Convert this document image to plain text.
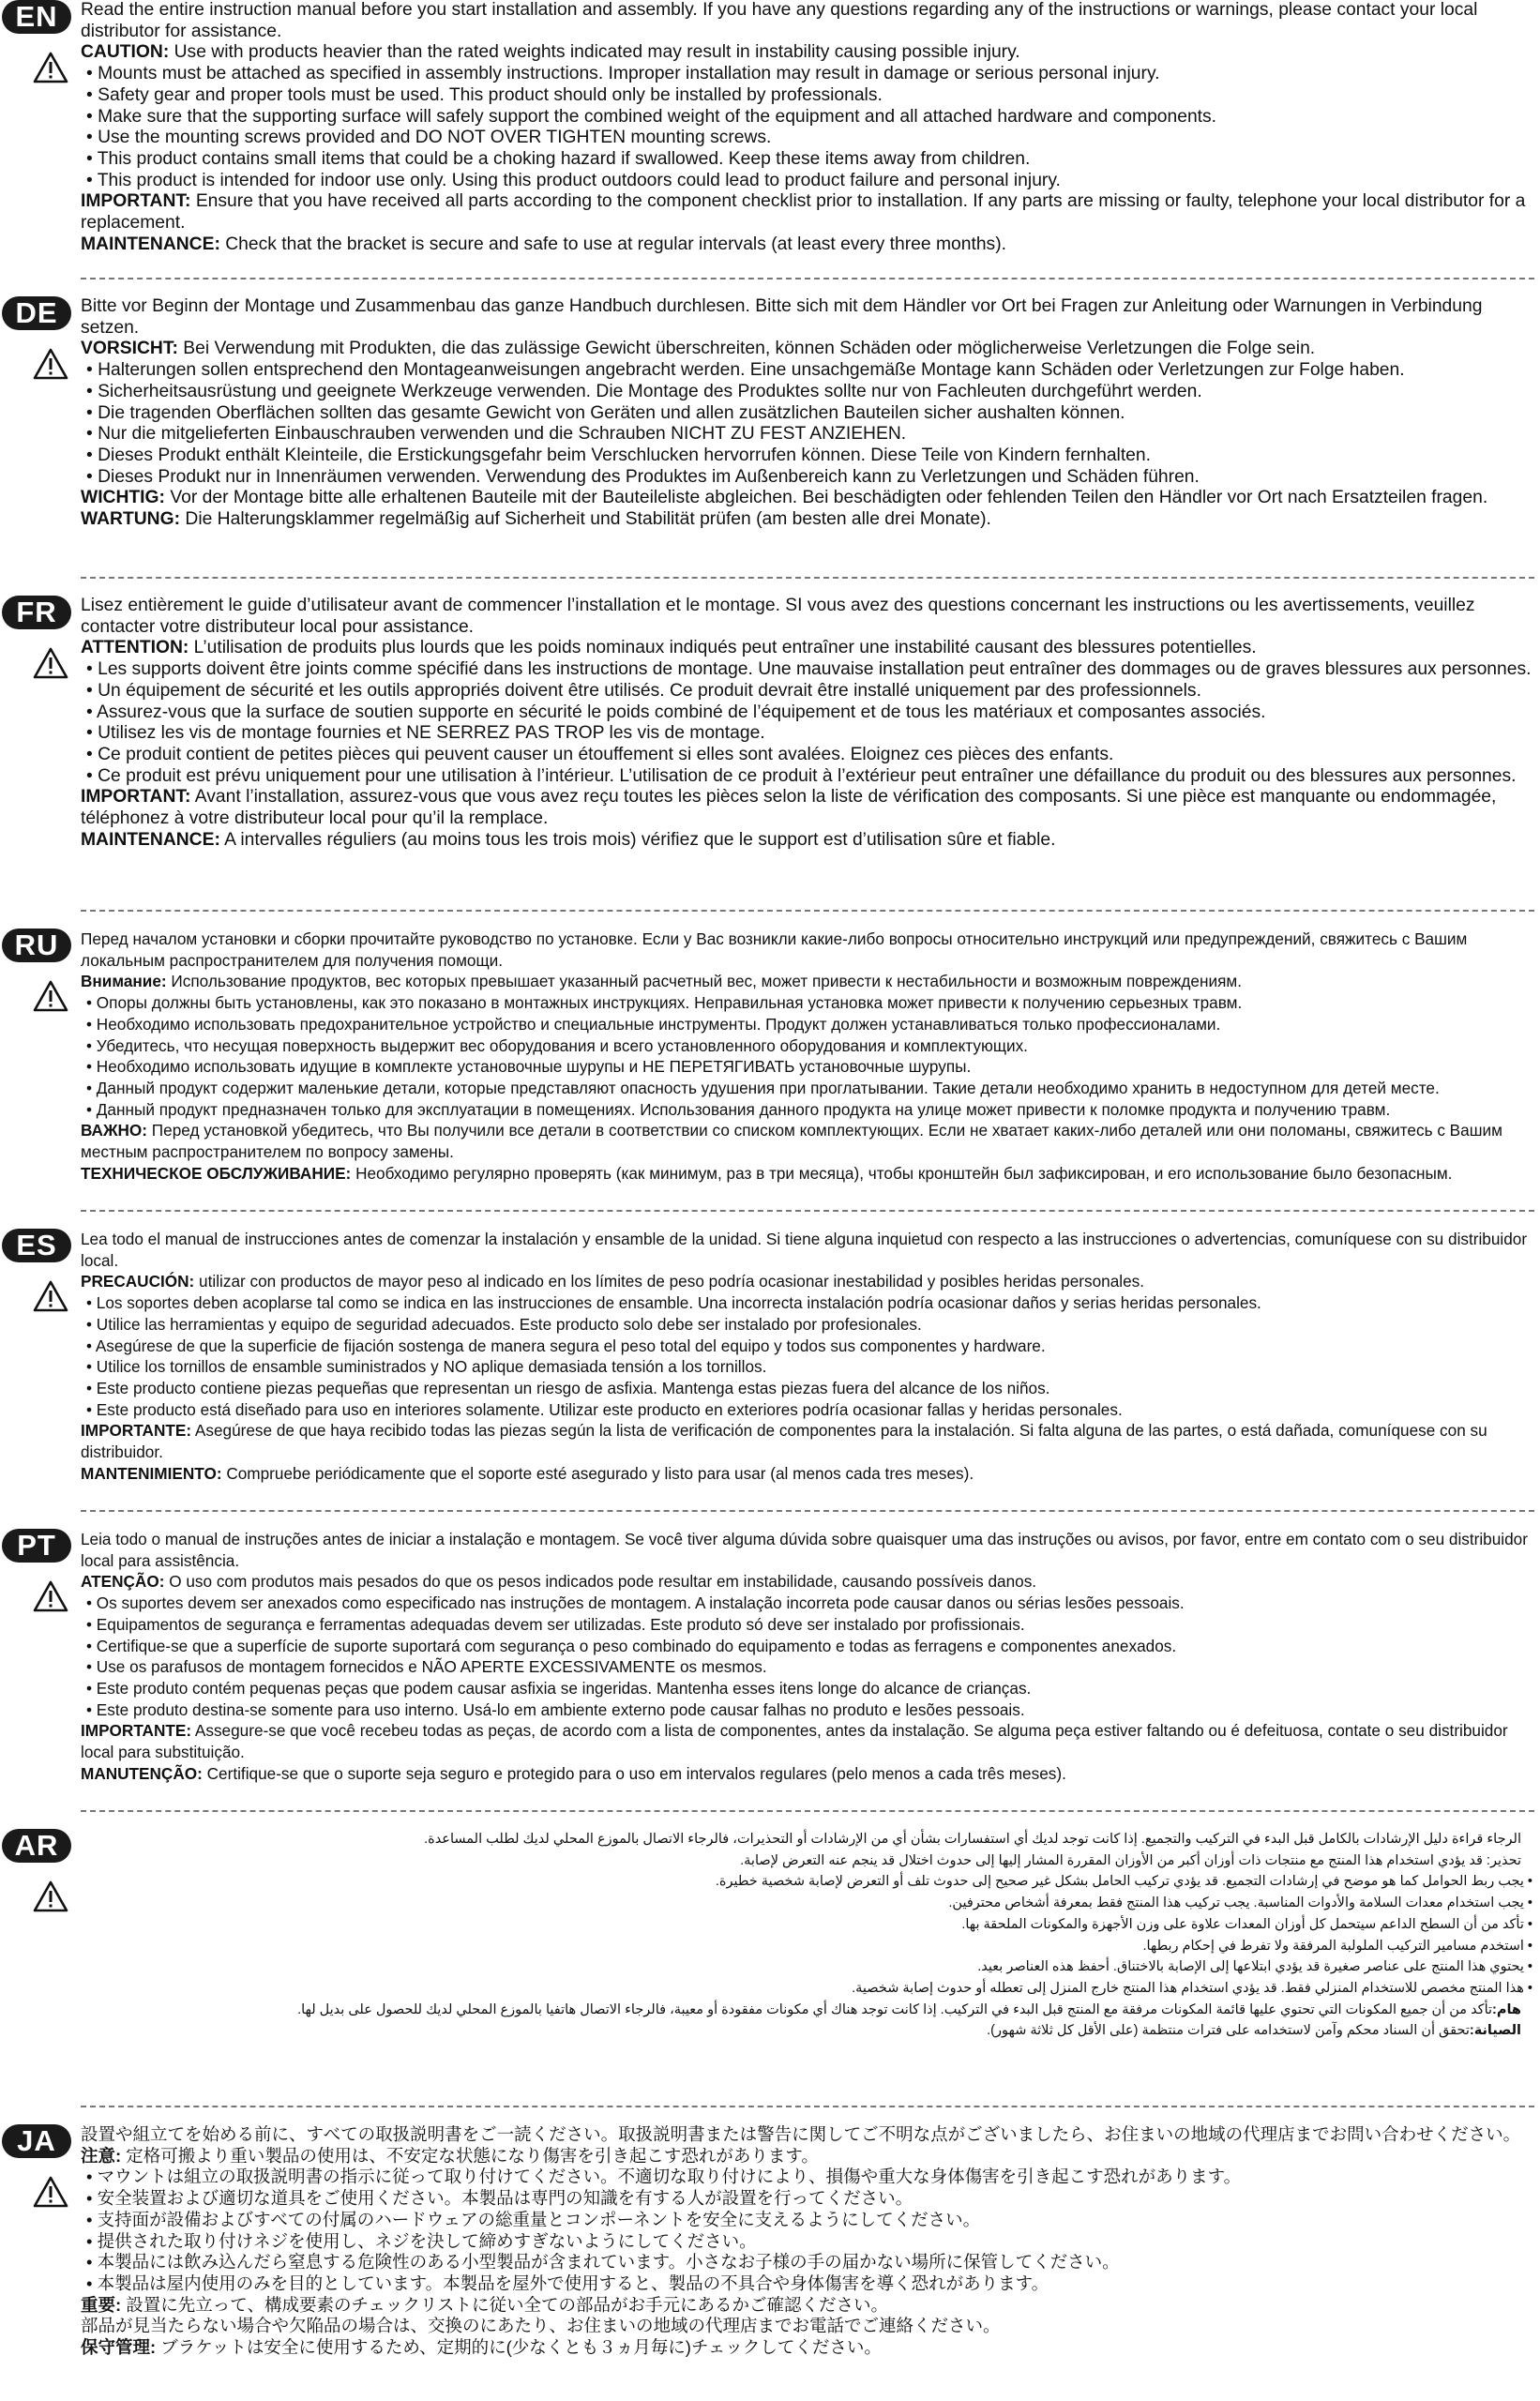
EN	Read the entire instruction manual before you start installation and assembly. If you have any questions regarding any of the instructions or warnings, please contact your local distributor for assistance.

CAUTION: Use with products heavier than the rated weights indicated may result in instability causing possible injury.

• Mounts must be attached as specified in assembly instructions. Improper installation may result in damage or serious personal injury.

• Safety gear and proper tools must be used. This product should only be installed by professionals.

• Make sure that the supporting surface will safely support the combined weight of the equipment and all attached hardware and components.

• Use the mounting screws provided and DO NOT OVER TIGHTEN mounting screws.

• This product contains small items that could be a choking hazard if swallowed. Keep these items away from children.

• This product is intended for indoor use only. Using this product outdoors could lead to product failure and personal injury.

IMPORTANT: Ensure that you have received all parts according to the component checklist prior to installation. If any parts are missing or faulty, telephone your local distributor for a replacement.

MAINTENANCE: Check that the bracket is secure and safe to use at regular intervals (at least every three months).

DE	Bitte vor Beginn der Montage und Zusammenbau das ganze Handbuch durchlesen. Bitte sich mit dem Händler vor Ort bei Fragen zur Anleitung oder Warnungen in Verbindung setzen.

VORSICHT: Bei Verwendung mit Produkten, die das zulässige Gewicht überschreiten, können Schäden oder möglicherweise Verletzungen die Folge sein.

• Halterungen sollen entsprechend den Montageanweisungen angebracht werden. Eine unsachgemäße Montage kann Schäden oder Verletzungen zur Folge haben.

• Sicherheitsausrüstung und geeignete Werkzeuge verwenden. Die Montage des Produktes sollte nur von Fachleuten durchgeführt werden.

• Die tragenden Oberflächen sollten das gesamte Gewicht von Geräten und allen zusätzlichen Bauteilen sicher aushalten können.

• Nur die mitgelieferten Einbauschrauben verwenden und die Schrauben NICHT ZU FEST ANZIEHEN.

• Dieses Produkt enthält Kleinteile, die Erstickungsgefahr beim Verschlucken hervorrufen können. Diese Teile von Kindern fernhalten.

• Dieses Produkt nur in Innenräumen verwenden. Verwendung des Produktes im Außenbereich kann zu Verletzungen und Schäden führen.

WICHTIG: Vor der Montage bitte alle erhaltenen Bauteile mit der Bauteileliste abgleichen. Bei beschädigten oder fehlenden Teilen den Händler vor Ort nach Ersatzteilen fragen.

WARTUNG: Die Halterungsklammer regelmäßig auf Sicherheit und Stabilität prüfen (am besten alle drei Monate).

FR	Lisez entièrement le guide d’utilisateur avant de commencer l’installation et le montage. SI vous avez des questions concernant les instructions ou les avertissements, veuillez contacter votre distributeur local pour assistance.

ATTENTION: L’utilisation de produits plus lourds que les poids nominaux indiqués peut entraîner une instabilité causant des blessures potentielles.

• Les supports doivent être joints comme spécifié dans les instructions de montage. Une mauvaise installation peut entraîner des dommages ou de graves blessures aux personnes.

• Un équipement de sécurité et les outils appropriés doivent être utilisés. Ce produit devrait être installé uniquement par des professionnels.

• Assurez-vous que la surface de soutien supporte en sécurité le poids combiné de l’équipement et de tous les matériaux et composantes associés.

• Utilisez les vis de montage fournies et NE SERREZ PAS TROP les vis de montage.

• Ce produit contient de petites pièces qui peuvent causer un étouffement si elles sont avalées. Eloignez ces pièces des enfants.

• Ce produit est prévu uniquement pour une utilisation à l’intérieur. L’utilisation de ce produit à l’extérieur peut entraîner une défaillance du produit ou des blessures aux personnes.

IMPORTANT: Avant l’installation, assurez-vous que vous avez reçu toutes les pièces selon la liste de vérification des composants. Si une pièce est manquante ou endommagée, téléphonez à votre distributeur local pour qu’il la remplace.

MAINTENANCE: A intervalles réguliers (au moins tous les trois mois) vérifiez que le support est d’utilisation sûre et fiable.

RU	Перед началом установки и сборки прочитайте руководство по установке. Если у Вас возникли какие-либо вопросы относительно инструкций или предупреждений, свяжитесь с Вашим локальным распространителем для получения помощи.

Внимание: Использование продуктов, вес которых превышает указанный расчетный вес, может привести к нестабильности и возможным повреждениям.

• Опоры должны быть установлены, как это показано в монтажных инструкциях. Неправильная установка может привести к получению серьезных травм.

• Необходимо использовать предохранительное устройство и специальные инструменты. Продукт должен устанавливаться только профессионалами.

• Убедитесь, что несущая поверхность выдержит вес оборудования и всего установленного оборудования и комплектующих.

• Необходимо использовать идущие в комплекте установочные шурупы и НЕ ПЕРЕТЯГИВАТЬ установочные шурупы.

• Данный продукт содержит маленькие детали, которые представляют опасность удушения при проглатывании. Такие детали необходимо хранить в недоступном для детей месте.

• Данный продукт предназначен только для эксплуатации в помещениях. Использования данного продукта на улице может привести к поломке продукта и получению травм.

ВАЖНО: Перед установкой убедитесь, что Вы получили все детали в соответствии со списком комплектующих. Если не хватает каких-либо деталей или они поломаны, свяжитесь с Вашим местным распространителем по вопросу замены.

ТЕХНИЧЕСКОЕ ОБСЛУЖИВАНИЕ: Необходимо регулярно проверять (как минимум, раз в три месяца), чтобы кронштейн был зафиксирован, и его использование было безопасным.

ES	Lea todo el manual de instrucciones antes de comenzar la instalación y ensamble de la unidad. Si tiene alguna inquietud con respecto a las instrucciones o advertencias, comuníquese con su distribuidor local.

PRECAUCIÓN: utilizar con productos de mayor peso al indicado en los límites de peso podría ocasionar inestabilidad y posibles heridas personales.

• Los soportes deben acoplarse tal como se indica en las instrucciones de ensamble. Una incorrecta instalación podría ocasionar daños y serias heridas personales.

• Utilice las herramientas y equipo de seguridad adecuados. Este producto solo debe ser instalado por profesionales.

• Asegúrese de que la superficie de fijación sostenga de manera segura el peso total del equipo y todos sus componentes y hardware.

• Utilice los tornillos de ensamble suministrados y NO aplique demasiada tensión a los tornillos.

• Este producto contiene piezas pequeñas que representan un riesgo de asfixia. Mantenga estas piezas fuera del alcance de los niños.

• Este producto está diseñado para uso en interiores solamente. Utilizar este producto en exteriores podría ocasionar fallas y heridas personales.

IMPORTANTE: Asegúrese de que haya recibido todas las piezas según la lista de verificación de componentes para la instalación. Si falta alguna de las partes, o está dañada, comuníquese con su distribuidor.

MANTENIMIENTO: Compruebe periódicamente que el soporte esté asegurado y listo para usar (al menos cada tres meses).

PT	Leia todo o manual de instruções antes de iniciar a instalação e montagem. Se você tiver alguma dúvida sobre quaisquer uma das instruções ou avisos, por favor, entre em contato com o seu distribuidor local para assistência.

ATENÇÃO: O uso com produtos mais pesados do que os pesos indicados pode resultar em instabilidade, causando possíveis danos.

• Os suportes devem ser anexados como especificado nas instruções de montagem. A instalação incorreta pode causar danos ou sérias lesões pessoais.

• Equipamentos de segurança e ferramentas adequadas devem ser utilizadas. Este produto só deve ser instalado por profissionais.

• Certifique-se que a superfície de suporte suportará com segurança o peso combinado do equipamento e todas as ferragens e componentes anexados.

• Use os parafusos de montagem fornecidos e NÃO APERTE EXCESSIVAMENTE os mesmos.

• Este produto contém pequenas peças que podem causar asfixia se ingeridas. Mantenha esses itens longe do alcance de crianças.

• Este produto destina-se somente para uso interno. Usá-lo em ambiente externo pode causar falhas no produto e lesões pessoais.

IMPORTANTE: Assegure-se que você recebeu todas as peças, de acordo com a lista de componentes, antes da instalação. Se alguma peça estiver faltando ou é defeituosa, contate o seu distribuidor local para substituição.

MANUTENÇÃO: Certifique-se que o suporte seja seguro e protegido para o uso em intervalos regulares (pelo menos a cada três meses).

AR	الرجاء قراءة دليل الإرشادات بالكامل قبل البدء في التركيب والتجميع. إذا كانت توجد لديك أي استفسارات بشأن أي من الإرشادات أو التحذيرات، فالرجاء الاتصال بالموزع المحلي لديك لطلب المساعدة.

تحذير: قد يؤدي استخدام هذا المنتج مع منتجات ذات أوزان أكبر من الأوزان المقررة المشار إليها إلى حدوث اختلال قد ينجم عنه التعرض لإصابة.

• يجب ربط الحوامل كما هو موضح في إرشادات التجميع. قد يؤدي تركيب الحامل بشكل غير صحيح إلى حدوث تلف أو التعرض لإصابة شخصية خطيرة.

• يجب استخدام معدات السلامة والأدوات المناسبة. يجب تركيب هذا المنتج فقط بمعرفة أشخاص محترفين.

• تأكد من أن السطح الداعم سيتحمل كل أوزان المعدات علاوة على وزن الأجهزة والمكونات الملحقة بها.

• استخدم مسامير التركيب الملولبة المرفقة ولا تفرط في إحكام ربطها.

• يحتوي هذا المنتج على عناصر صغيرة قد يؤدي ابتلاعها إلى الإصابة بالاختناق. أحفظ هذه العناصر بعيد.

• هذا المنتج مخصص للاستخدام المنزلي فقط. قد يؤدي استخدام هذا المنتج خارج المنزل إلى تعطله أو حدوث إصابة شخصية.

هام:تأكد من أن جميع المكونات التي تحتوي عليها قائمة المكونات مرفقة مع المنتج قبل البدء في التركيب. إذا كانت توجد هناك أي مكونات مفقودة أو معيبة، فالرجاء الاتصال هاتفيا بالموزع المحلي لديك للحصول على بديل لها.

الصيانة:تحقق أن السناد محكم وآمن لاستخدامه على فترات منتظمة (على الأقل كل ثلاثة شهور).

JA	設置や組立てを始める前に、すべての取扱説明書をご一読ください。取扱説明書または警告に関してご不明な点がございましたら、お住まいの地域の代理店までお問い合わせください。

注意: 定格可搬より重い製品の使用は、不安定な状態になり傷害を引き起こす恐れがあります。

• マウントは組立の取扱説明書の指示に従って取り付けてください。不適切な取り付けにより、損傷や重大な身体傷害を引き起こす恐れがあります。

• 安全装置および適切な道具をご使用ください。本製品は専門の知識を有する人が設置を行ってください。

• 支持面が設備およびすべての付属のハードウェアの総重量とコンポーネントを安全に支えるようにしてください。

• 提供された取り付けネジを使用し、ネジを決して締めすぎないようにしてください。

• 本製品には飲み込んだら窒息する危険性のある小型製品が含まれています。小さなお子様の手の届かない場所に保管してください。

• 本製品は屋内使用のみを目的としています。本製品を屋外で使用すると、製品の不具合や身体傷害を導く恐れがあります。

重要: 設置に先立って、構成要素のチェックリストに従い全ての部品がお手元にあるかご確認ください。

部品が見当たらない場合や欠陥品の場合は、交換のにあたり、お住まいの地域の代理店までお電話でご連絡ください。

保守管理: ブラケットは安全に使用するため、定期的に(少なくとも３ヵ月毎に)チェックしてください。
